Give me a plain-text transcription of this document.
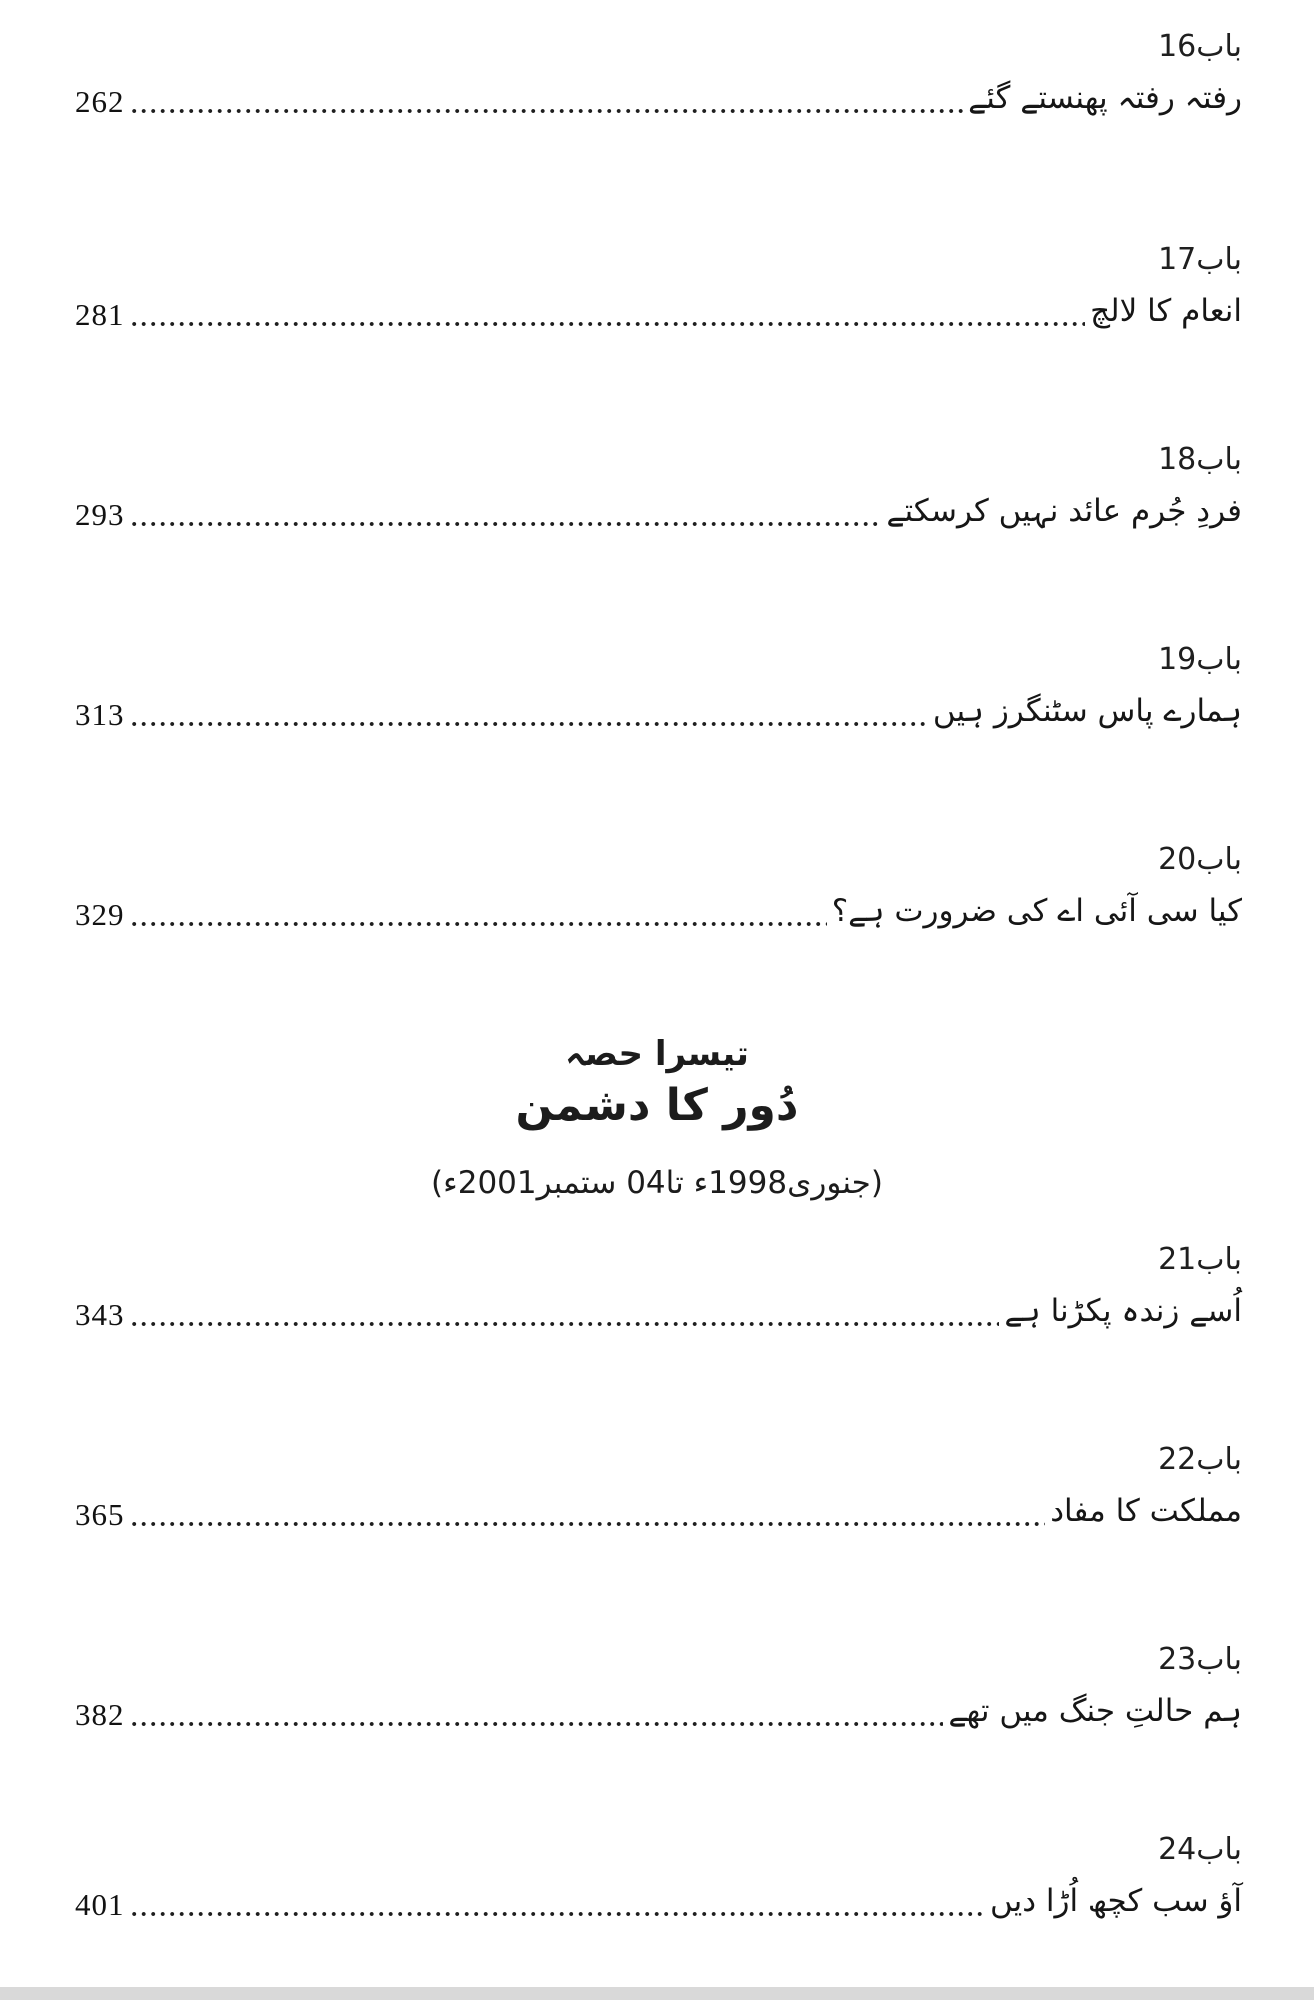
باب16
262	رفتہ رفتہ پھنستے گئے
باب17
281	انعام کا لالچ
باب18
293	فردِ جُرم عائد نہیں کرسکتے
باب19
313	ہمارے پاس سٹنگرز ہیں
باب20
329	کیا سی آئی اے کی ضرورت ہے؟
تیسرا حصہ
دُور کا دشمن
(جنوری1998ء تا04 ستمبر2001ء)
باب21
343	اُسے زندہ پکڑنا ہے
باب22
365	مملکت کا مفاد
باب23
382	ہم حالتِ جنگ میں تھے
باب24
401	آؤ سب کچھ اُڑا دیں
